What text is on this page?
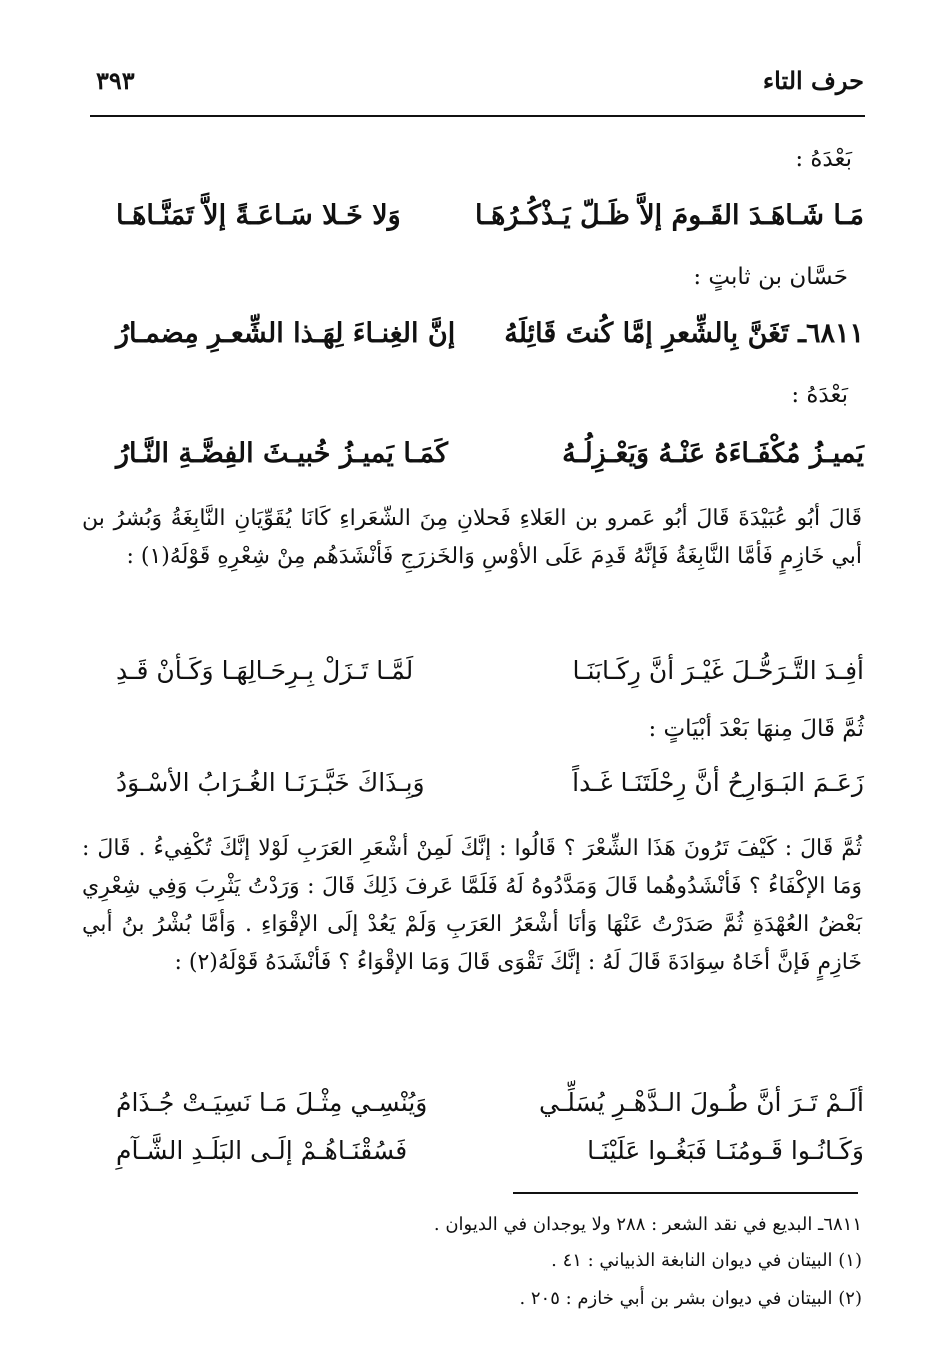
حرف التاء
٣٩٣
بَعْدَهُ :
مَـا شَـاهَـدَ القَـومَ إلاَّ ظَـلّ يَـذْكُـرُهَـا
وَلا خَـلا سَـاعَـةً إلاَّ تَمَنَّـاهَـا
حَسَّان بن ثابتٍ :
٦٨١١ـ تَغَنَّ بِالشِّعرِ إمَّا كُنتَ قَائِلَهُ
إنَّ الغِنـاءَ لِهَـذا الشِّعـرِ مِضمـارُ
بَعْدَهُ :
يَميـزُ مُكْفَـاءَهُ عَنْـهُ وَيَعْـزِلُـهُ
كَمَـا يَميـزُ خُبيـثَ الفِضَّـةِ النَّـارُ
قَالَ أبُو عُبَيْدَةَ قَالَ أبُو عَمرو بن العَلاءِ فَحلانِ مِنَ الشّعَراءِ كَانَا يُقَوِّيَانِ النَّابِغَةُ وَبُشرُ بن أبي خَازِمٍ فَأمَّا النَّابِغَةُ فَإنَّهُ قَدِمَ عَلَى الأوْسِ وَالخَزرَجِ فَأنْشَدَهُم مِنْ شِعْرِهِ قَوْلَهُ(١) :
أفِـدَ التَّـرَحُّـلَ غَيْـرَ أنَّ رِكَـابَنَـا
لَمَّـا تَـزَلْ بِـرِحَـالِهَـا وَكَـأنْ قَـدِ
ثُمَّ قَالَ مِنهَا بَعْدَ أبْيَاتٍ :
زَعَـمَ البَـوَارِحُ أنَّ رِحْلَتَنَـا غَـداً
وَبِـذَاكَ خَبَّـرَنَـا الغُـرَابُ الأسْـوَدُ
ثُمَّ قَالَ : كَيْفَ تَرُونَ هَذَا الشِّعْرَ ؟ قَالُوا : إنَّكَ لَمِنْ أشْعَرِ العَرَبِ لَوْلا إنَّكَ تُكْفِيءُ . قَالَ : وَمَا الإكْفَاءُ ؟ فَأنْشَدُوهُما قَالَ وَمَدَّدُوهُ لَهُ فَلَمَّا عَرفَ ذَلِكَ قَالَ : وَرَدْتُ يَثْرِبَ وَفِي شِعْرِي بَعْضُ العُهْدَةِ ثُمَّ صَدَرْتُ عَنْهَا وَأنَا أشْعَرُ العَرَبِ وَلَمْ يَعُدْ إلَى الإقْوَاءِ . وَأمَّا بُشْرُ بنُ أبي خَازِمٍ فَإنَّ أخَاهُ سِوَادَةَ قَالَ لَهُ : إنَّكَ تَقْوَى قَالَ وَمَا الإقْوَاءُ ؟ فَأنْشَدَهُ قَوْلَهُ(٢) :
ألَـمْ تَـرَ أنَّ طُـولَ الـدَّهْـرِ يُسَلِّـي
وَيُنْسِـي مِثْـلَ مَـا نَسِيَـتْ جُـذَامُ
وَكَـانُـوا قَـومُنَـا فَبَغُـوا عَلَيْنَـا
فَسُقْنَـاهُـمْ إلَـى البَلَـدِ الشَّـآمِ
٦٨١١ـ البديع في نقد الشعر : ٢٨٨ ولا يوجدان في الديوان .
(١) البيتان في ديوان النابغة الذبياني : ٤١ .
(٢) البيتان في ديوان بشر بن أبي خازم : ٢٠٥ .
